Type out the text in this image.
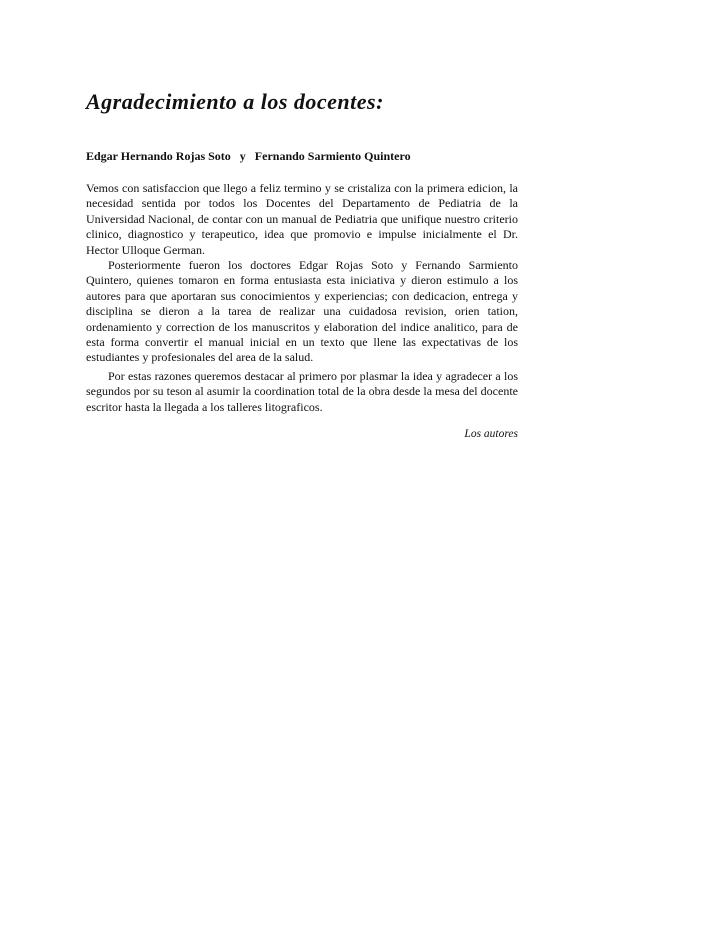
Agradecimiento a los docentes:

Edgar Hernando Rojas Soto   y   Fernando Sarmiento Quintero

Vemos con satisfaccion que llego a feliz termino y se cristaliza con la primera edicion, la necesidad sentida por todos los Docentes del Departamento de Pediatria de la Universidad Nacional, de contar con un manual de Pediatria que unifique nuestro criterio clinico, diagnostico y terapeutico, idea que promovio e impulse inicialmente el Dr. Hector Ulloque German.

Posteriormente fueron los doctores Edgar Rojas Soto y Fernando Sarmiento Quintero, quienes tomaron en forma entusiasta esta iniciativa y dieron estimulo a los autores para que aportaran sus conocimientos y experiencias; con dedicacion, entrega y disciplina se dieron a la tarea de realizar una cuidadosa revision, orien tation, ordenamiento y correction de los manuscritos y elaboration del indice analitico, para de esta forma convertir el manual inicial en un texto que llene las expectativas de los estudiantes y profesionales del area de la salud.

Por estas razones queremos destacar al primero por plasmar la idea y agradecer a los segundos por su teson al asumir la coordination total de la obra desde la mesa del docente escritor hasta la llegada a los talleres litograficos.

Los autores
